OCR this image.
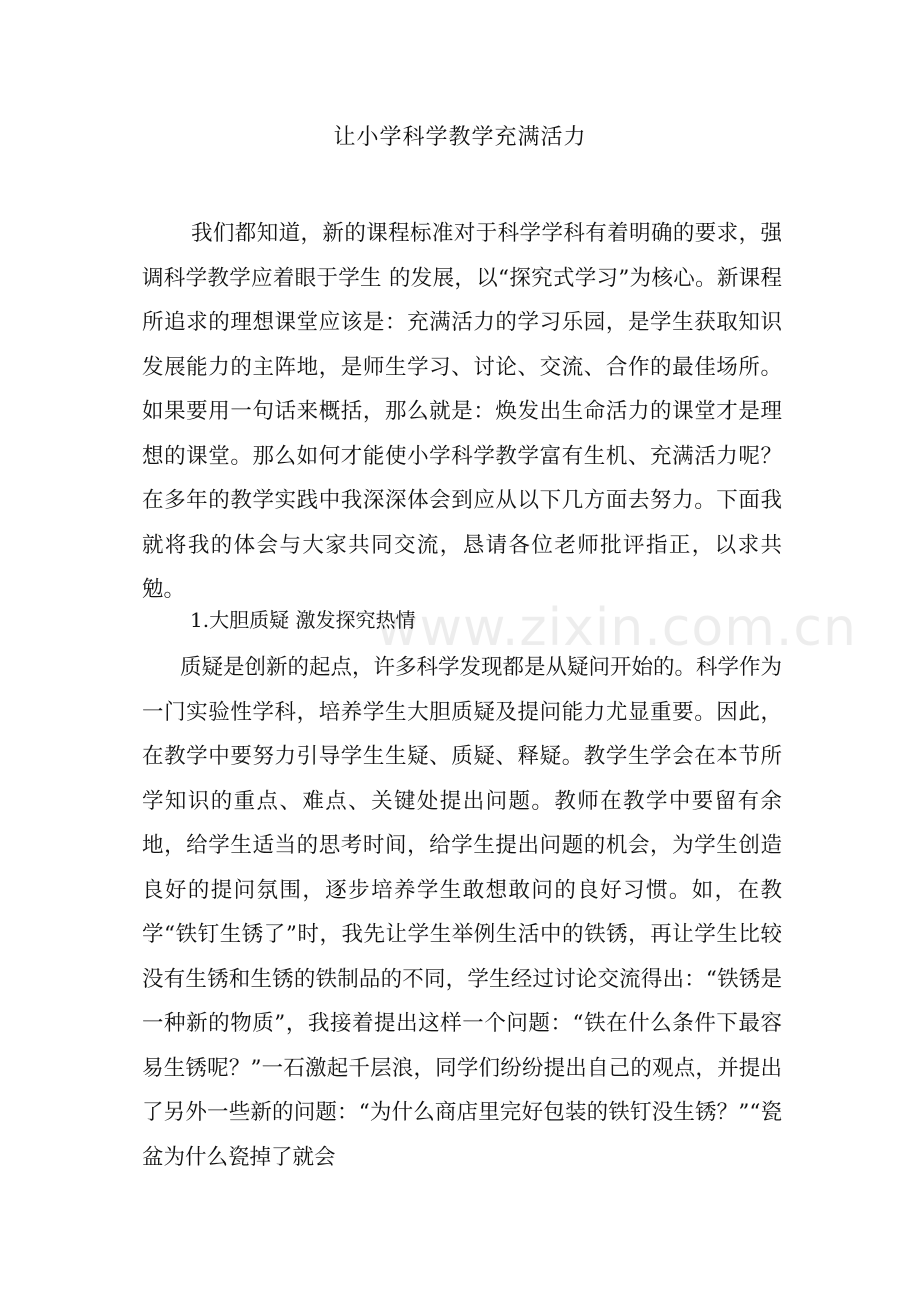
让小学科学教学充满活力

我们都知道，新的课程标准对于科学学科有着明确的要求，强调科学教学应着眼于学生 的发展，以“探究式学习”为核心。新课程所追求的理想课堂应该是：充满活力的学习乐园，是学生获取知识发展能力的主阵地，是师生学习、讨论、交流、合作的最佳场所。如果要用一句话来概括，那么就是：焕发出生命活力的课堂才是理想的课堂。那么如何才能使小学科学教学富有生机、充满活力呢？在多年的教学实践中我深深体会到应从以下几方面去努力。下面我就将我的体会与大家共同交流，恳请各位老师批评指正，以求共勉。

1.大胆质疑 激发探究热情
www.zixin.com.cn

质疑是创新的起点，许多科学发现都是从疑问开始的。科学作为一门实验性学科，培养学生大胆质疑及提问能力尤显重要。因此，在教学中要努力引导学生生疑、质疑、释疑。教学生学会在本节所学知识的重点、难点、关键处提出问题。教师在教学中要留有余地，给学生适当的思考时间，给学生提出问题的机会，为学生创造良好的提问氛围，逐步培养学生敢想敢问的良好习惯。如，在教学“铁钉生锈了”时，我先让学生举例生活中的铁锈，再让学生比较没有生锈和生锈的铁制品的不同，学生经过讨论交流得出：“铁锈是一种新的物质”，我接着提出这样一个问题：“铁在什么条件下最容易生锈呢？”一石激起千层浪，同学们纷纷提出自己的观点，并提出了另外一些新的问题：“为什么商店里完好包装的铁钉没生锈？”“瓷盆为什么瓷掉了就会
